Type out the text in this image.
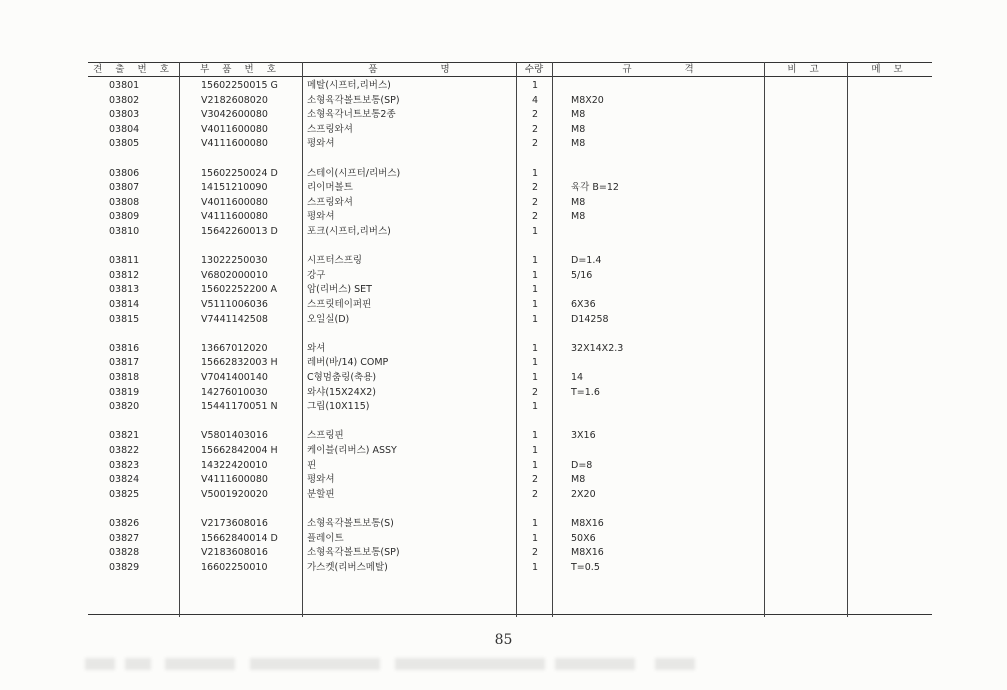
견 출 번 호	부 품 번 호	품 명	수량	규 격	비 고	메 모
03801	15602250015 G	메탈(시프터,리버스)	1
03802	V2182608020	소형육각볼트보통(SP)	4	M8X20
03803	V3042600080	소형육각너트보통2종	2	M8
03804	V4011600080	스프링와셔	2	M8
03805	V4111600080	평와셔	2	M8
03806	15602250024 D	스테이(시프터/리버스)	1
03807	14151210090	리이머볼트	2	육각 B=12
03808	V4011600080	스프링와셔	2	M8
03809	V4111600080	평와셔	2	M8
03810	15642260013 D	포크(시프터,리버스)	1
03811	13022250030	시프터스프링	1	D=1.4
03812	V6802000010	강구	1	5/16
03813	15602252200 A	암(리버스) SET	1
03814	V5111006036	스프릿테이퍼핀	1	6X36
03815	V7441142508	오일실(D)	1	D14258
03816	13667012020	와셔	1	32X14X2.3
03817	15662832003 H	레버(바/14) COMP	1
03818	V7041400140	C형멈춤링(축용)	1	14
03819	14276010030	와샤(15X24X2)	2	T=1.6
03820	15441170051 N	그립(10X115)	1
03821	V5801403016	스프링핀	1	3X16
03822	15662842004 H	케이블(리버스) ASSY	1
03823	14322420010	핀	1	D=8
03824	V4111600080	평와셔	2	M8
03825	V5001920020	분할핀	2	2X20
03826	V2173608016	소형육각볼트보통(S)	1	M8X16
03827	15662840014 D	플레이트	1	50X6
03828	V2183608016	소형육각볼트보통(SP)	2	M8X16
03829	16602250010	가스켓(리버스메탈)	1	T=0.5
85
